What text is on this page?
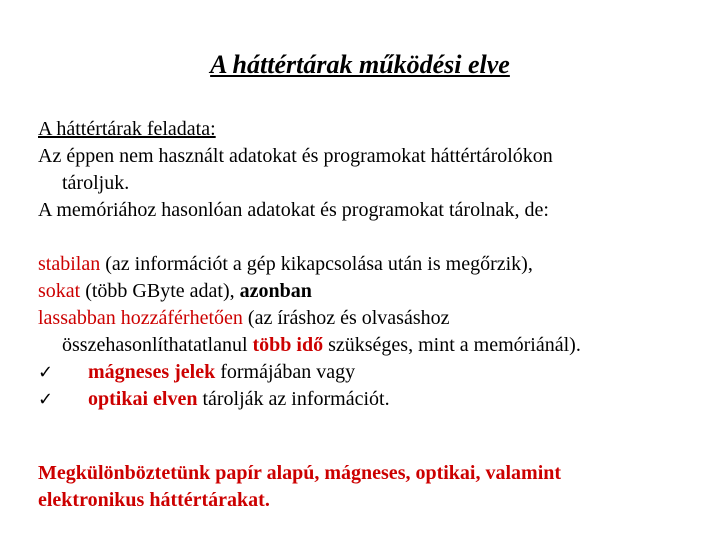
A háttértárak működési elve
A háttértárak feladata:
Az éppen nem használt adatokat és programokat háttértárolókon
tároljuk.
A memóriához hasonlóan adatokat és programokat tárolnak, de:
stabilan (az információt a gép kikapcsolása után is megőrzik),
sokat (több GByte adat), azonban
lassabban hozzáférhetően (az íráshoz és olvasáshoz
összehasonlíthatatlanul több idő szükséges, mint a memóriánál).
✓ mágneses jelek formájában vagy
✓ optikai elven tárolják az információt.
Megkülönböztetünk papír alapú, mágneses, optikai, valamint
elektronikus háttértárakat.
